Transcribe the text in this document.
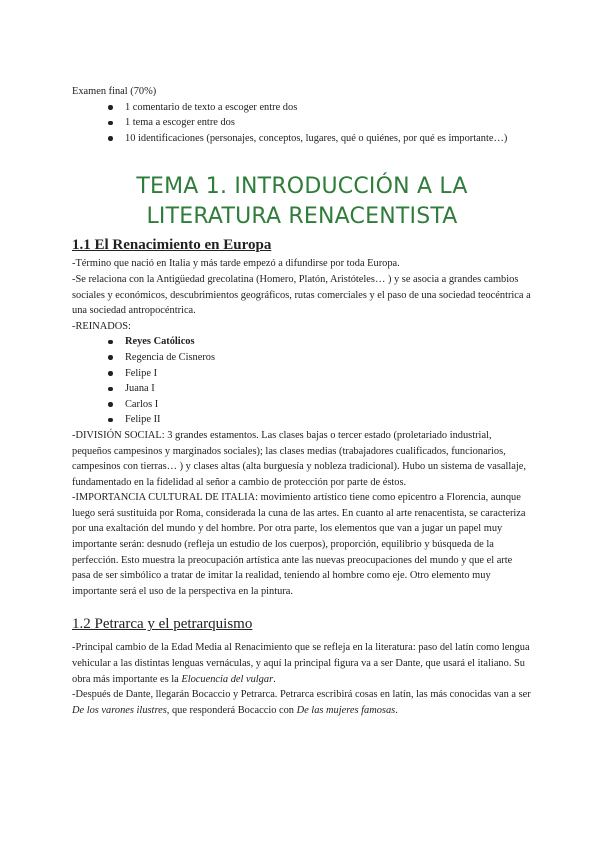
Examen final (70%)

1 comentario de texto a escoger entre dos
1 tema a escoger entre dos
10 identificaciones (personajes, conceptos, lugares, qué o quiénes, por qué es importante…)
TEMA 1. INTRODUCCIÓN A LA
LITERATURA RENACENTISTA
1.1 El Renacimiento en Europa

-Término que nació en Italia y más tarde empezó a difundirse por toda Europa.

-Se relaciona con la Antigüedad grecolatina (Homero, Platón, Aristóteles… ) y se asocia a grandes cambios sociales y económicos, descubrimientos geográficos, rutas comerciales y el paso de una sociedad teocéntrica a una sociedad antropocéntrica.

-REINADOS:

Reyes Católicos
Regencia de Cisneros
Felipe I
Juana I
Carlos I
Felipe II

-DIVISIÓN SOCIAL: 3 grandes estamentos. Las clases bajas o tercer estado (proletariado industrial, pequeños campesinos y marginados sociales); las clases medias (trabajadores cualificados, funcionarios, campesinos con tierras… ) y clases altas (alta burguesía y nobleza tradicional). Hubo un sistema de vasallaje, fundamentado en la fidelidad al señor a cambio de protección por parte de éstos.

-IMPORTANCIA CULTURAL DE ITALIA: movimiento artístico tiene como epicentro a Florencia, aunque luego será sustituida por Roma, considerada la cuna de las artes. En cuanto al arte renacentista, se caracteriza por una exaltación del mundo y del hombre. Por otra parte, los elementos que van a jugar un papel muy importante serán: desnudo (refleja un estudio de los cuerpos), proporción, equilibrio y búsqueda de la perfección. Esto muestra la preocupación artística ante las nuevas preocupaciones del mundo y que el arte pasa de ser simbólico a tratar de imitar la realidad, teniendo al hombre como eje. Otro elemento muy importante será el uso de la perspectiva en la pintura.

1.2 Petrarca y el petrarquismo

-Principal cambio de la Edad Media al Renacimiento que se refleja en la literatura: paso del latín como lengua vehicular a las distintas lenguas vernáculas, y aquí la principal figura va a ser Dante, que usará el italiano. Su obra más importante es la Elocuencia del vulgar.

-Después de Dante, llegarán Bocaccio y Petrarca. Petrarca escribirá cosas en latín, las más conocidas van a ser De los varones ilustres, que responderá Bocaccio con De las mujeres famosas.
